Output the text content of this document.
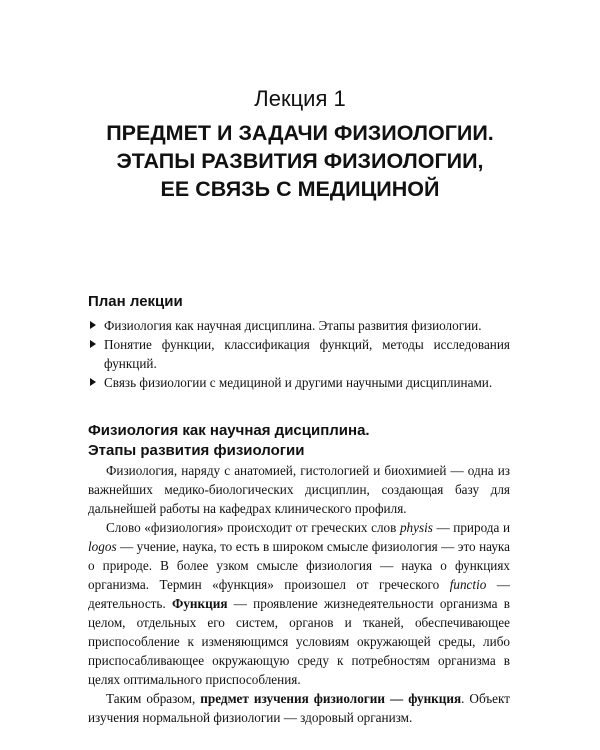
Лекция 1
ПРЕДМЕТ И ЗАДАЧИ ФИЗИОЛОГИИ.
ЭТАПЫ РАЗВИТИЯ ФИЗИОЛОГИИ,
ЕЕ СВЯЗЬ С МЕДИЦИНОЙ
План лекции

Физиология как научная дисциплина. Этапы развития физиологии.

Понятие функции, классификация функций, методы исследования функций.

Связь физиологии с медициной и другими научными дисциплинами.

Физиология как научная дисциплина.
Этапы развития физиологии

Физиология, наряду с анатомией, гистологией и биохимией — одна из важнейших медико-биологических дисциплин, создающая базу для дальнейшей работы на кафедрах клинического профиля.

Слово «физиология» происходит от греческих слов physis — природа и logos — учение, наука, то есть в широком смысле физиология — это наука о природе. В более узком смысле физиология — наука о функциях организма. Термин «функция» произошел от греческого functio — деятельность. Функция — проявление жизнедеятельности организма в целом, отдельных его систем, органов и тканей, обеспечивающее приспособление к изменяющимся условиям окружающей среды, либо приспосабливающее окружающую среду к потребностям организма в целях оптимального приспособления.

Таким образом, предмет изучения физиологии — функция. Объект изучения нормальной физиологии — здоровый организм.
